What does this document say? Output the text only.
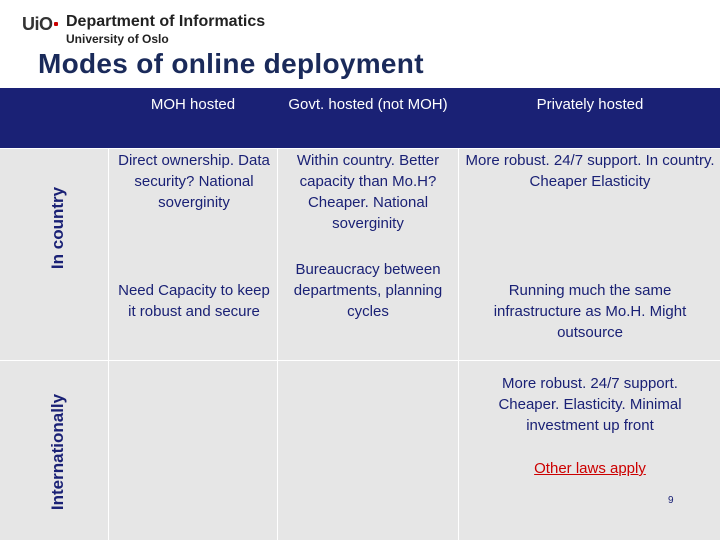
UiO Department of Informatics
University of Oslo
Modes of online deployment
MOH hosted	Govt. hosted (not MOH)	Privately hosted
In country
Internationally
Direct ownership. Data security? National soverginity
Need Capacity to keep it robust and secure
Within country. Better capacity than Mo.H? Cheaper. National soverginity
Bureaucracy between departments, planning cycles
More robust. 24/7 support. In country. Cheaper Elasticity
Running much the same infrastructure as Mo.H. Might outsource
More robust. 24/7 support. Cheaper. Elasticity. Minimal investment up front
Other laws apply
9
